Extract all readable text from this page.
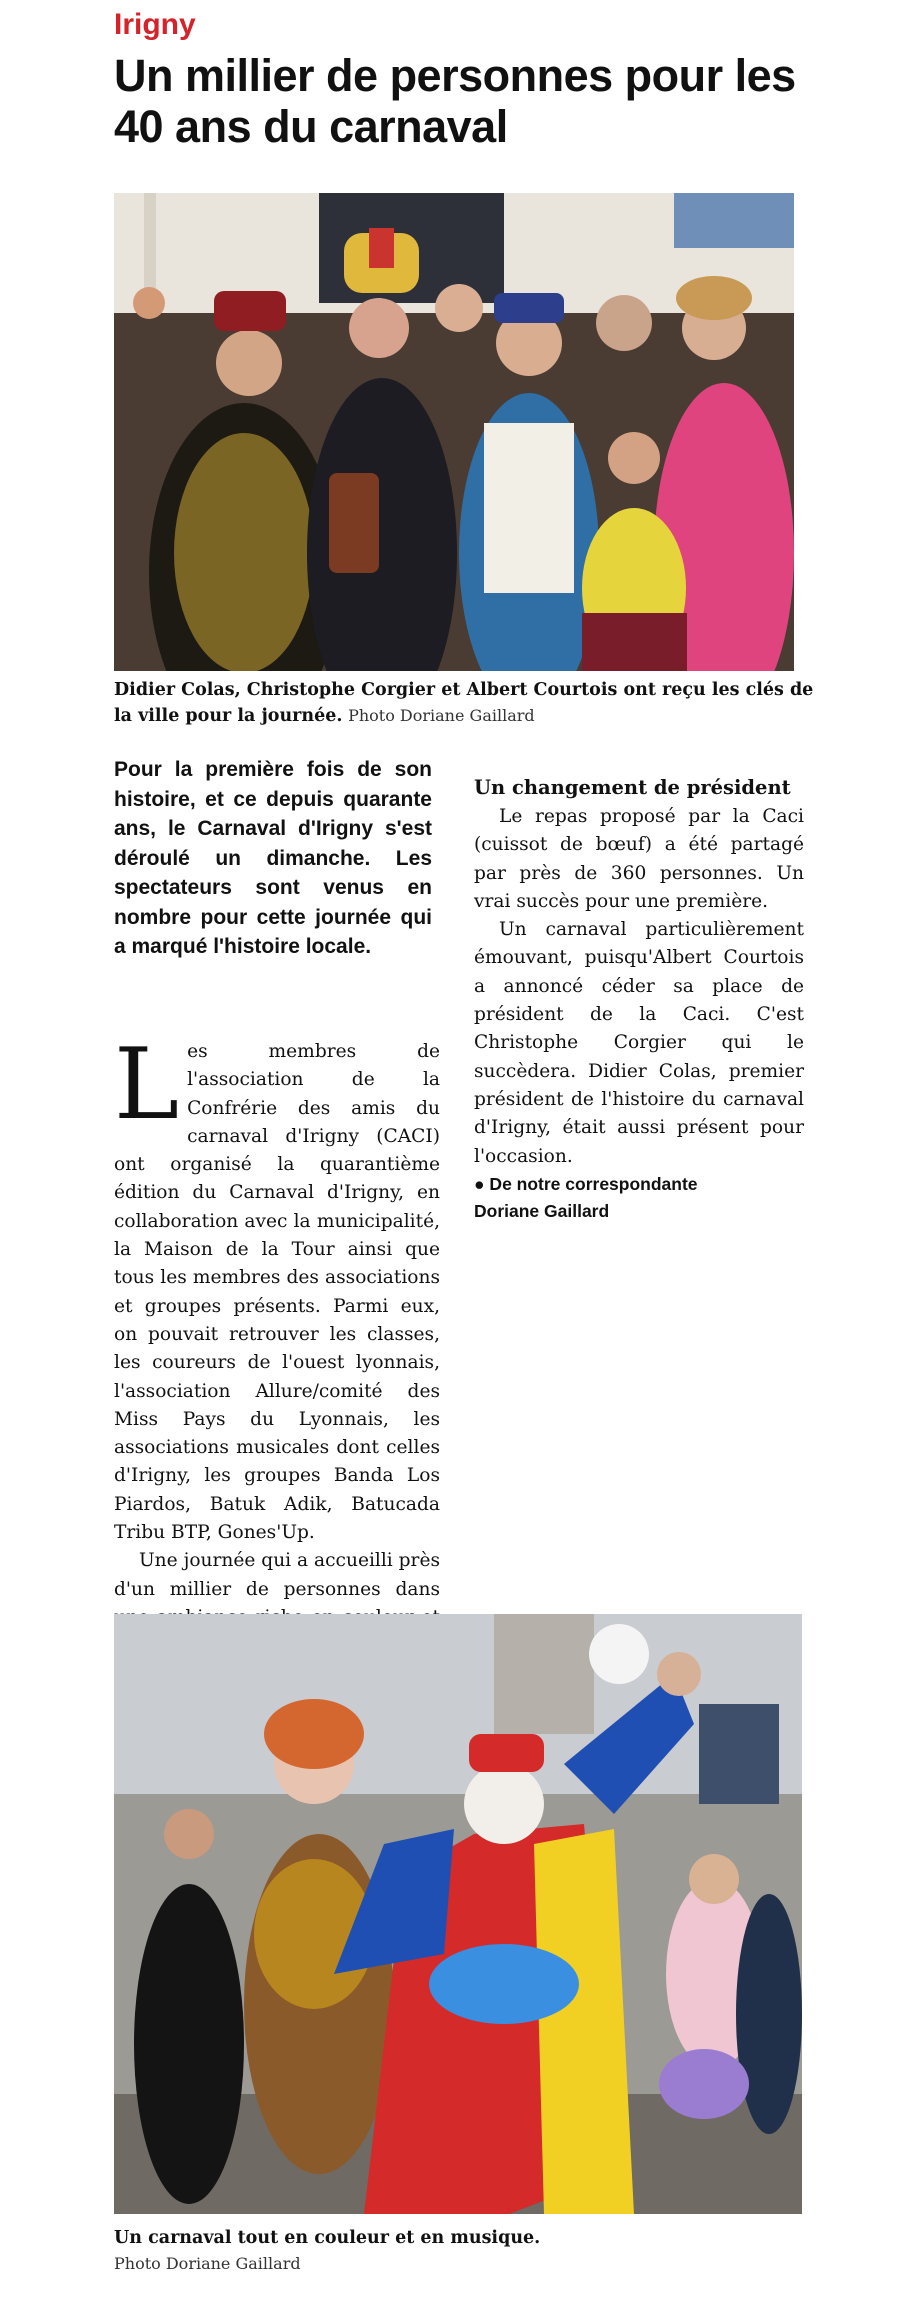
Irigny
Un millier de personnes pour les 40 ans du carnaval
Didier Colas, Christophe Corgier et Albert Courtois ont reçu les clés de la ville pour la journée. Photo Doriane Gaillard
Pour la première fois de son histoire, et ce depuis quarante ans, le Carnaval d'Irigny s'est déroulé un dimanche. Les spectateurs sont venus en nombre pour cette journée qui a marqué l'histoire locale.
L es membres de l'association de la Confrérie des amis du carnaval d'Irigny (CACI) ont organisé la quarantième édition du Carnaval d'Irigny, en collaboration avec la municipalité, la Maison de la Tour ainsi que tous les membres des associations et groupes présents. Parmi eux, on pouvait retrouver les classes, les coureurs de l'ouest lyonnais, l'association Allure/comité des Miss Pays du Lyonnais, les associations musicales dont celles d'Irigny, les groupes Banda Los Piardos, Batuk Adik, Batucada Tribu BTP, Gones'Up.

Une journée qui a accueilli près d'un millier de personnes dans

Un changement de président

Le repas proposé par la Caci (cuissot de bœuf) a été partagé par près de 360 personnes. Un vrai succès pour une première.

Un carnaval particulièrement émouvant, puisqu'Albert Courtois a annoncé céder sa place de président de la Caci. C'est Christophe Corgier qui le succèdera. Didier Colas, premier président de l'histoire du carnaval d'Irigny, était aussi présent pour l'occasion.

● De notre correspondante
Doriane Gaillard
Un carnaval tout en couleur et en musique.
Photo Doriane Gaillard
